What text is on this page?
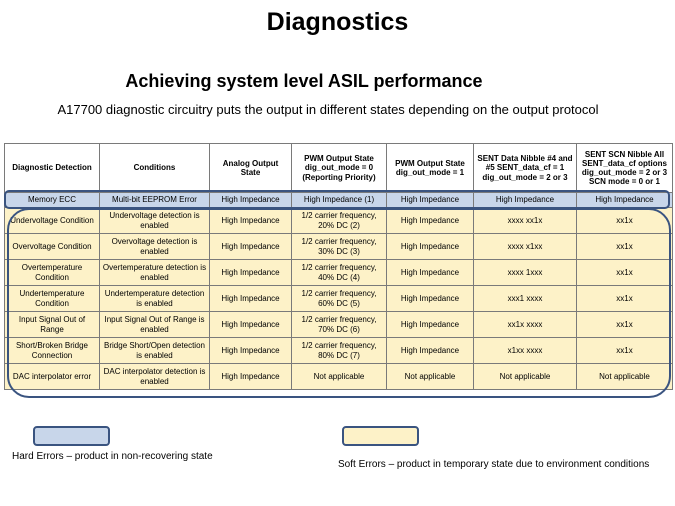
Diagnostics
Achieving system level ASIL performance
A17700 diagnostic circuitry puts the output in different states depending on the output protocol
Diagnostic Detection	Conditions	Analog Output State	PWM Output State dig_out_mode = 0 (Reporting Priority)	PWM Output State dig_out_mode = 1	SENT Data Nibble #4 and #5 SENT_data_cf = 1 dig_out_mode = 2 or 3	SENT SCN Nibble All SENT_data_cf options dig_out_mode = 2 or 3 SCN mode = 0 or 1
Memory ECC	Multi-bit EEPROM Error	High Impedance	High Impedance (1)	High Impedance	High Impedance	High Impedance
Undervoltage Condition	Undervoltage detection is enabled	High Impedance	1/2 carrier frequency, 20% DC (2)	High Impedance	xxxx xx1x	xx1x
Overvoltage Condition	Overvoltage detection is enabled	High Impedance	1/2 carrier frequency, 30% DC (3)	High Impedance	xxxx x1xx	xx1x
Overtemperature Condition	Overtemperature detection is enabled	High Impedance	1/2 carrier frequency, 40% DC (4)	High Impedance	xxxx 1xxx	xx1x
Undertemperature Condition	Undertemperature detection is enabled	High Impedance	1/2 carrier frequency, 60% DC (5)	High Impedance	xxx1 xxxx	xx1x
Input Signal Out of Range	Input Signal Out of Range is enabled	High Impedance	1/2 carrier frequency, 70% DC (6)	High Impedance	xx1x xxxx	xx1x
Short/Broken Bridge Connection	Bridge Short/Open detection is enabled	High Impedance	1/2 carrier frequency, 80% DC (7)	High Impedance	x1xx xxxx	xx1x
DAC interpolator error	DAC interpolator detection is enabled	High Impedance	Not applicable	Not applicable	Not applicable	Not applicable
Hard Errors – product in non-recovering state
Soft Errors – product in temporary state due to environment conditions
